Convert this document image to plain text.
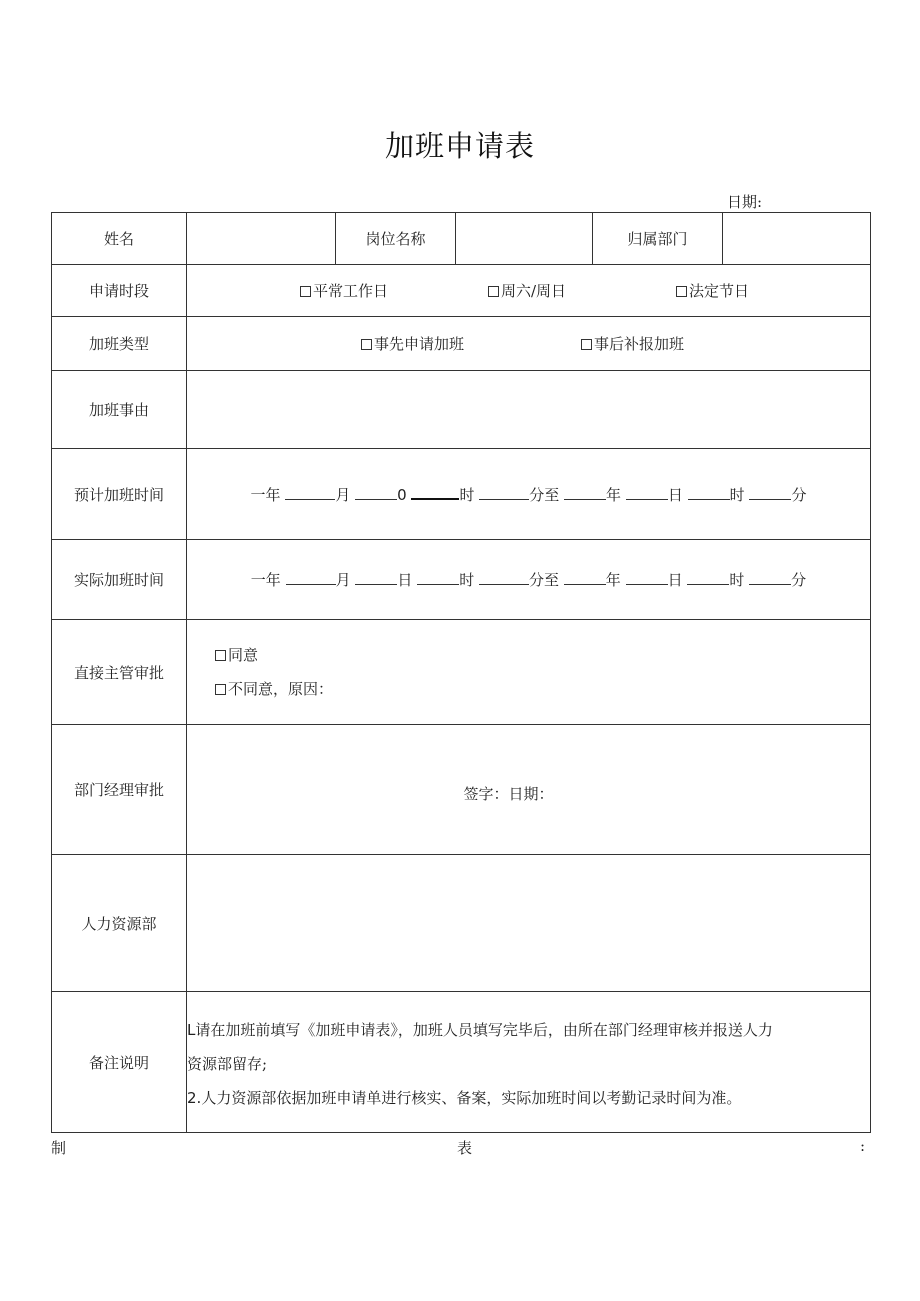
加班申请表
日期:
姓名		岗位名称		归属部门	
申请时段	平常工作日 周六/周日 法定节日				

加班类型	事先申请加班 事后补报加班				

加班事由					
预计加班时间	一年 月 0 时 分至 年 日 时 分				

实际加班时间	一年 月 日 时 分至 年 日 时 分				

直接主管审批	同意
不同意，原因：				

部门经理审批	签字：日期：				
人力资源部					
备注说明	L请在加班前填写《加班申请表》，加班人员填写完毕后，由所在部门经理审核并报送人力
资源部留存;
2.人力资源部依据加班申请单进行核实、备案，实际加班时间以考勤记录时间为准。				
制	表	:
